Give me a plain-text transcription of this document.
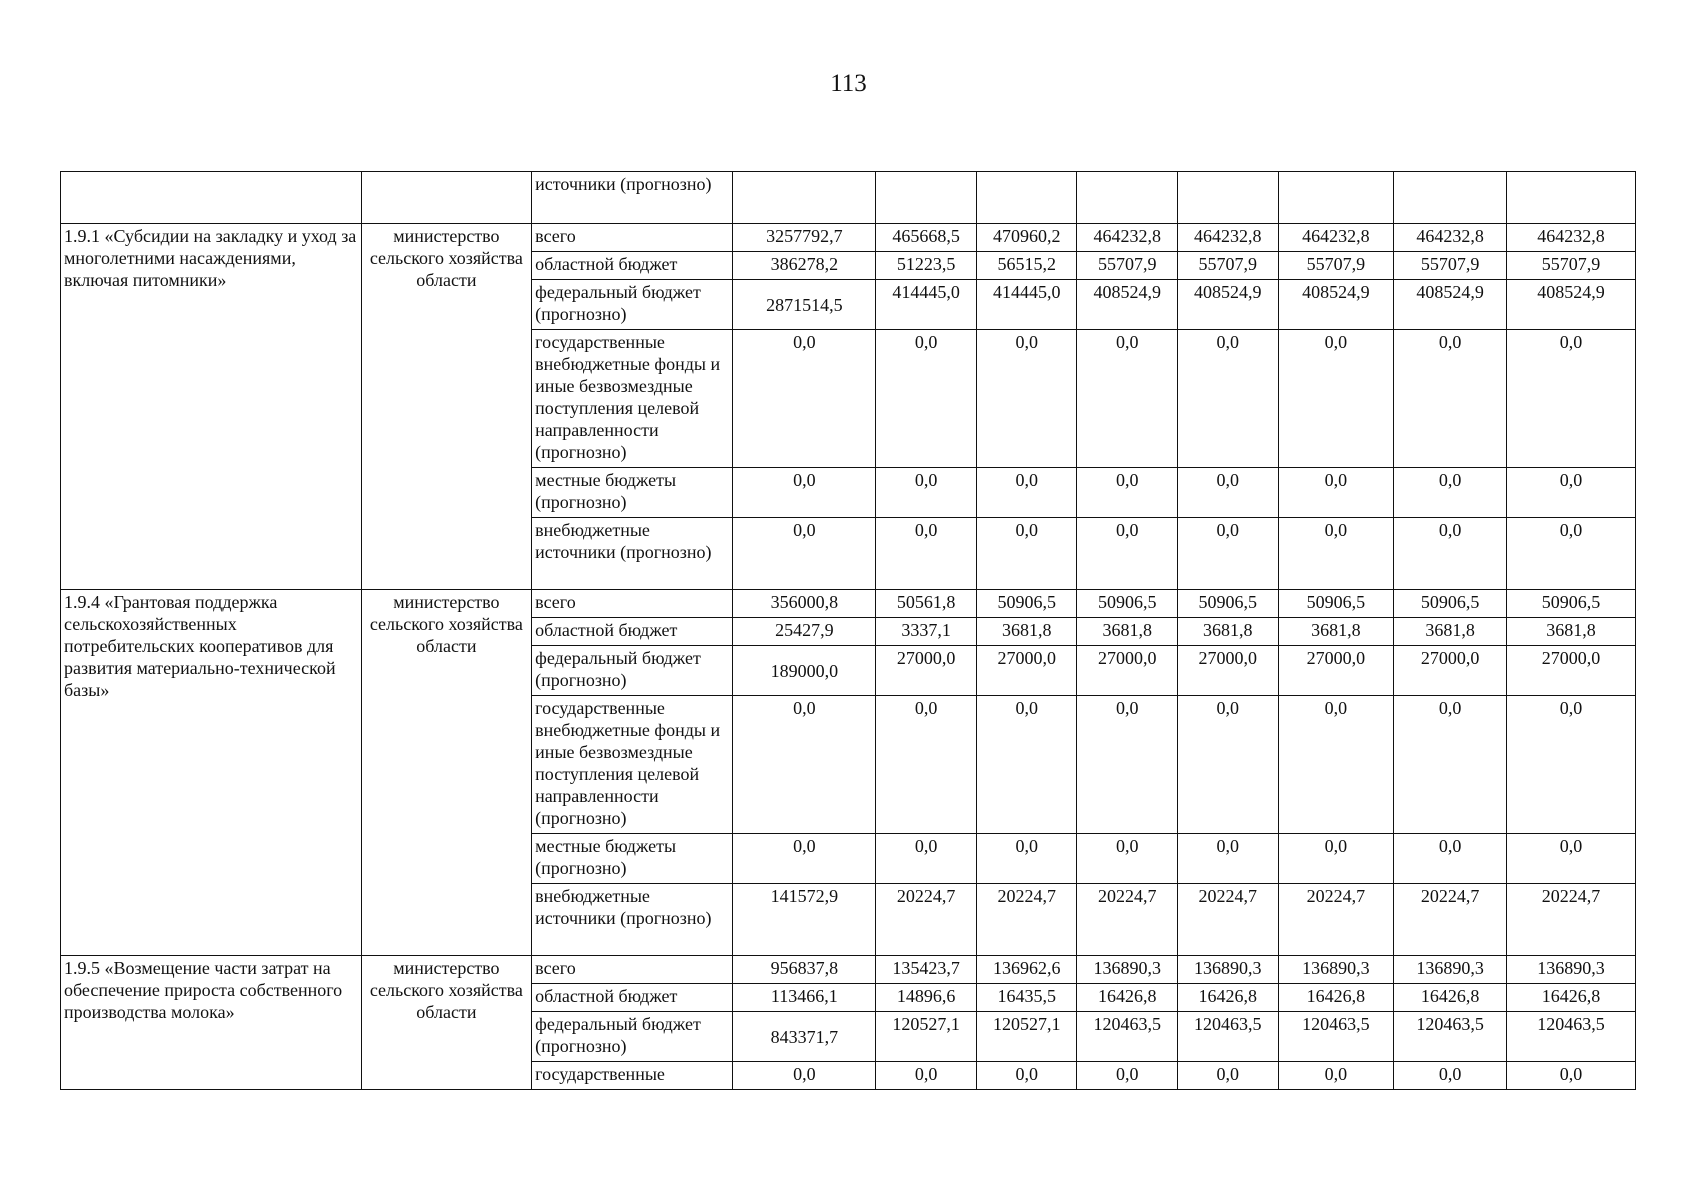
113
		источники (прогнозно)								
1.9.1 «Субсидии на закладку и уход за многолетними насаждениями, включая питомники»	министерство сельского хозяйства области	всего	3257792,7	465668,5	470960,2	464232,8	464232,8	464232,8	464232,8	464232,8
		областной бюджет	386278,2	51223,5	56515,2	55707,9	55707,9	55707,9	55707,9	55707,9
		федеральный бюджет (прогнозно)	2871514,5	414445,0	414445,0	408524,9	408524,9	408524,9	408524,9	408524,9
		государственные внебюджетные фонды и иные безвозмездные поступления целевой направленности (прогнозно)	0,0	0,0	0,0	0,0	0,0	0,0	0,0	0,0
		местные бюджеты (прогнозно)	0,0	0,0	0,0	0,0	0,0	0,0	0,0	0,0
		внебюджетные источники (прогнозно)	0,0	0,0	0,0	0,0	0,0	0,0	0,0	0,0
1.9.4 «Грантовая поддержка сельскохозяйственных потребительских кооперативов для развития материально-технической базы»	министерство сельского хозяйства области	всего	356000,8	50561,8	50906,5	50906,5	50906,5	50906,5	50906,5	50906,5
		областной бюджет	25427,9	3337,1	3681,8	3681,8	3681,8	3681,8	3681,8	3681,8
		федеральный бюджет (прогнозно)	189000,0	27000,0	27000,0	27000,0	27000,0	27000,0	27000,0	27000,0
		государственные внебюджетные фонды и иные безвозмездные поступления целевой направленности (прогнозно)	0,0	0,0	0,0	0,0	0,0	0,0	0,0	0,0
		местные бюджеты (прогнозно)	0,0	0,0	0,0	0,0	0,0	0,0	0,0	0,0
		внебюджетные источники (прогнозно)	141572,9	20224,7	20224,7	20224,7	20224,7	20224,7	20224,7	20224,7
1.9.5 «Возмещение части затрат на обеспечение прироста собственного производства молока»	министерство сельского хозяйства области	всего	956837,8	135423,7	136962,6	136890,3	136890,3	136890,3	136890,3	136890,3
		областной бюджет	113466,1	14896,6	16435,5	16426,8	16426,8	16426,8	16426,8	16426,8
		федеральный бюджет (прогнозно)	843371,7	120527,1	120527,1	120463,5	120463,5	120463,5	120463,5	120463,5
		государственные	0,0	0,0	0,0	0,0	0,0	0,0	0,0	0,0
